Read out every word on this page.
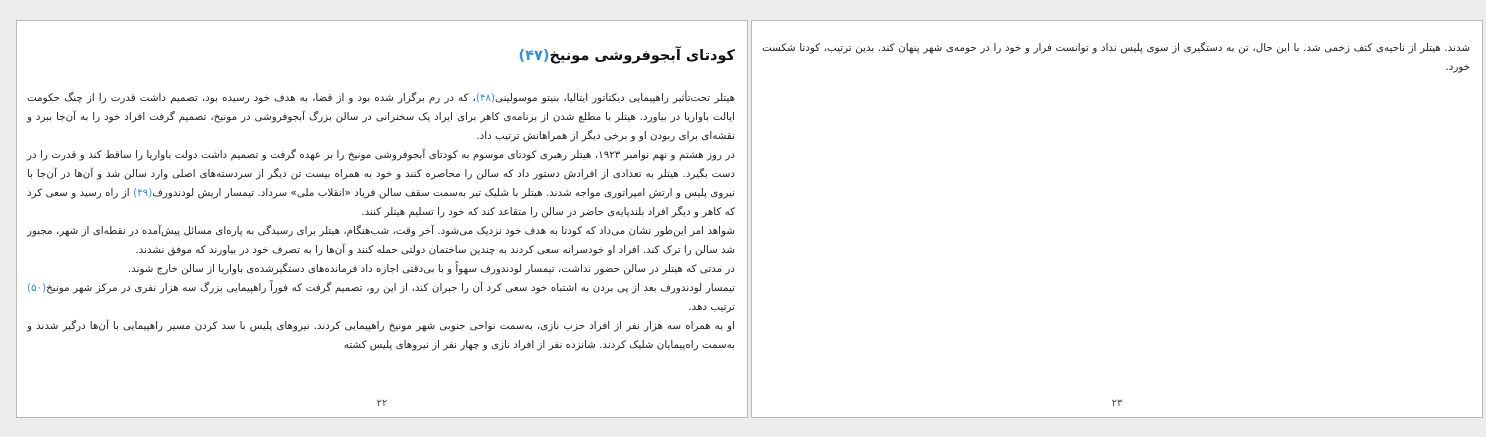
کودتای آبجوفروشی مونیخ(۴۷)

هیتلر تحت‌تأثیر راهپیمایی دیکتاتور ایتالیا، بنیتو موسولینی(۴۸)، که در رم برگزار شده بود و از قضا، به هدف خود رسیده بود، تصمیم داشت قدرت را از چنگ حکومت ایالت باواریا در بیاورد. هیتلر با مطلع شدن از برنامه‌ی کاهر برای ایراد یک سخنرانی در سالن بزرگ آبجوفروشی در مونیخ، تصمیم گرفت افراد خود را به آن‌جا ببرد و نقشه‌ای برای ربودن او و برخی دیگر از همراهانش ترتیب داد.

در روز هشتم و نهم نوامبر ۱۹۲۳، هیتلر رهبری کودتای موسوم به کودتای آبجوفروشی مونیخ را بر عهده گرفت و تصمیم داشت دولت باواریا را ساقط کند و قدرت را در دست بگیرد. هیتلر به تعدادی از افرادش دستور داد که سالن را محاصره کنند و خود به همراه بیست تن دیگر از سردسته‌های اصلی وارد سالن شد و آن‌ها در آن‌جا با نیروی پلیس و ارتش امپراتوری مواجه شدند. هیتلر با شلیک تیر به‌سمت سقف سالن فریاد «انقلاب ملی» سرداد. تیمسار اریش لودندورف(۴۹) از راه رسید و سعی کرد که کاهر و دیگر افراد بلندپایه‌ی حاضر در سالن را متقاعد کند که خود را تسلیم هیتلر کنند.

شواهد امر این‌طور نشان می‌داد که کودتا به هدف خود نزدیک می‌شود. آخر وقت، شب‌هنگام، هیتلر برای رسیدگی به پاره‌ای مسائل پیش‌آمده در نقطه‌ای از شهر، مجبور شد سالن را ترک کند. افراد او خودسرانه سعی کردند به چندین ساختمان دولتی حمله کنند و آن‌ها را به تصرف خود در بیاورند که موفق نشدند.

در مدتی که هیتلر در سالن حضور نداشت، تیمسار لودندورف سهواً و با بی‌دقتی اجازه داد فرمانده‌های دستگیرشده‌ی باواریا از سالن خارج شوند.

تیمسار لودندورف بعد از پی بردن به اشتباه خود سعی کرد آن را جبران کند، از این رو، تصمیم گرفت که فوراً راهپیمایی بزرگ سه هزار نفری در مرکز شهر مونیخ(۵۰) ترتیب دهد.

او به همراه سه هزار نفر از افراد حزب نازی، به‌سمت نواحی جنوبی شهر مونیخ راهپیمایی کردند. نیروهای پلیس با سد کردن مسیر راهپیمایی با آن‌ها درگیر شدند و به‌سمت راه‌پیمایان شلیک کردند. شانزده نفر از افراد نازی و چهار نفر از نیروهای پلیس کشته

۲۲

شدند. هیتلر از ناحیه‌ی کتف زخمی شد. با این حال، تن به دستگیری از سوی پلیس نداد و توانست فرار و خود را در حومه‌ی شهر پنهان کند. بدین ترتیب، کودتا شکست خورد.

۲۳
